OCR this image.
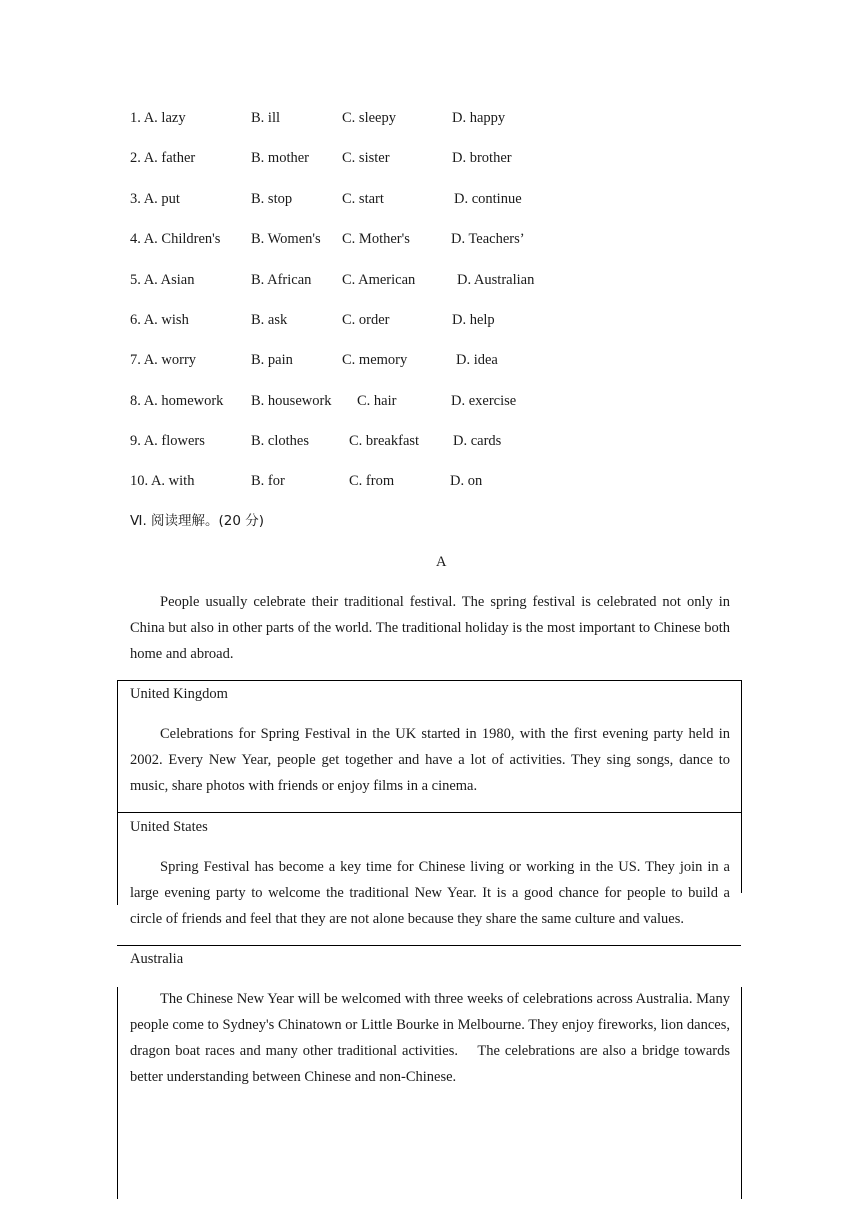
1. A. lazy	B. ill	C. sleepy	D. happy
2. A. father	B. mother C. sister	D. brother
3. A. put	B. stop	C. start	D. continue
4. A. Children's B. Women's C. Mother's	D. Teachers’
5. A. Asian	B. African C. American	D. Australian
6. A. wish	B. ask	C. order	D. help
7. A. worry	B. pain	C. memory	D. idea
8. A. homework B. housework C. hair	D. exercise
9. A. flowers	B. clothes	C. breakfast D. cards
10. A. with	B. for	C. from	D. on
Ⅵ. 阅读理解。(20 分)
A
People usually celebrate their traditional festival. The spring festival is celebrated not only in China but also in other parts of the world. The traditional holiday is the most important to Chinese both home and abroad.
United Kingdom
Celebrations for Spring Festival in the UK started in 1980, with the first evening party held in 2002. Every New Year, people get together and have a lot of activities. They sing songs, dance to music, share photos with friends or enjoy films in a cinema.
United States
Spring Festival has become a key time for Chinese living or working in the US. They join in a large evening party to welcome the traditional New Year. It is a good chance for people to build a circle of friends and feel that they are not alone because they share the same culture and values.
Australia
The Chinese New Year will be welcomed with three weeks of celebrations across Australia. Many people come to Sydney's Chinatown or Little Bourke in Melbourne. They enjoy fireworks, lion dances, dragon boat races and many other traditional activities.    The celebrations are also a bridge towards better understanding between Chinese and non-Chinese.
